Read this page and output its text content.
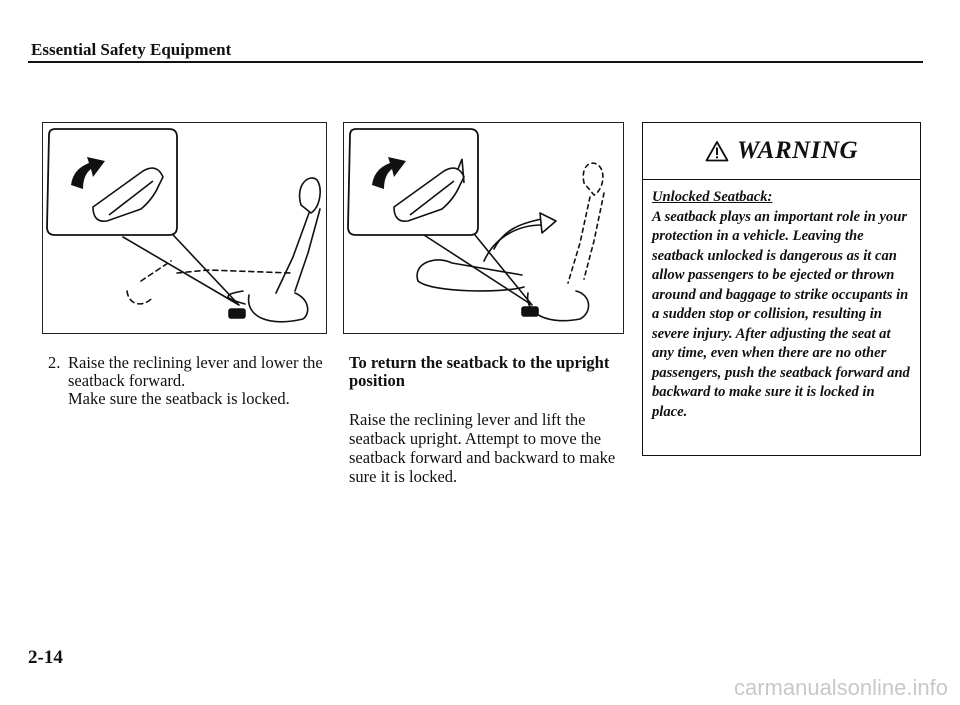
Essential Safety Equipment
2. Raise the reclining lever and lower the seatback forward.
Make sure the seatback is locked.
To return the seatback to the upright position
Raise the reclining lever and lift the seatback upright. Attempt to move the seatback forward and backward to make sure it is locked.
WARNING
Unlocked Seatback:
A seatback plays an important role in your protection in a vehicle. Leaving the seatback unlocked is dangerous as it can allow passengers to be ejected or thrown around and baggage to strike occupants in a sudden stop or collision, resulting in severe injury. After adjusting the seat at any time, even when there are no other passengers, push the seatback forward and backward to make sure it is locked in place.
2-14
carmanualsonline.info
